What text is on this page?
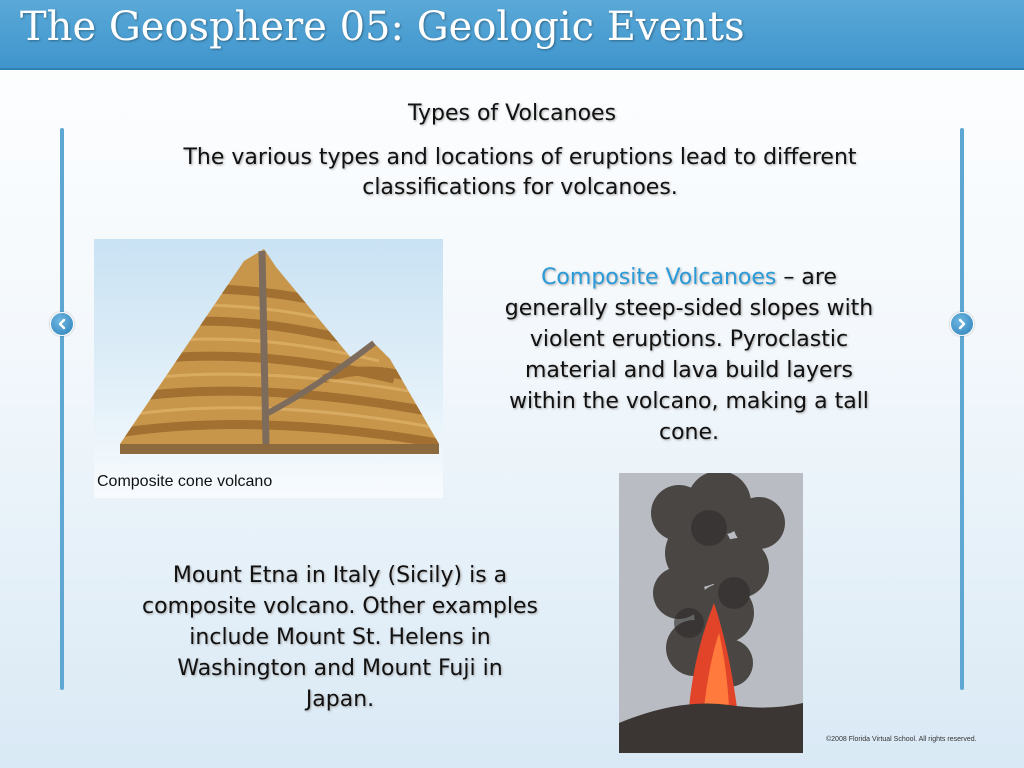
The Geosphere 05: Geologic Events
Types of Volcanoes
The various types and locations of eruptions lead to different classifications for volcanoes.
Composite cone volcano
Composite Volcanoes – are generally steep-sided slopes with violent eruptions. Pyroclastic material and lava build layers within the volcano, making a tall cone.
Mount Etna in Italy (Sicily) is a composite volcano. Other examples include Mount St. Helens in Washington and Mount Fuji in Japan.
©2008 Florida Virtual School. All rights reserved.
